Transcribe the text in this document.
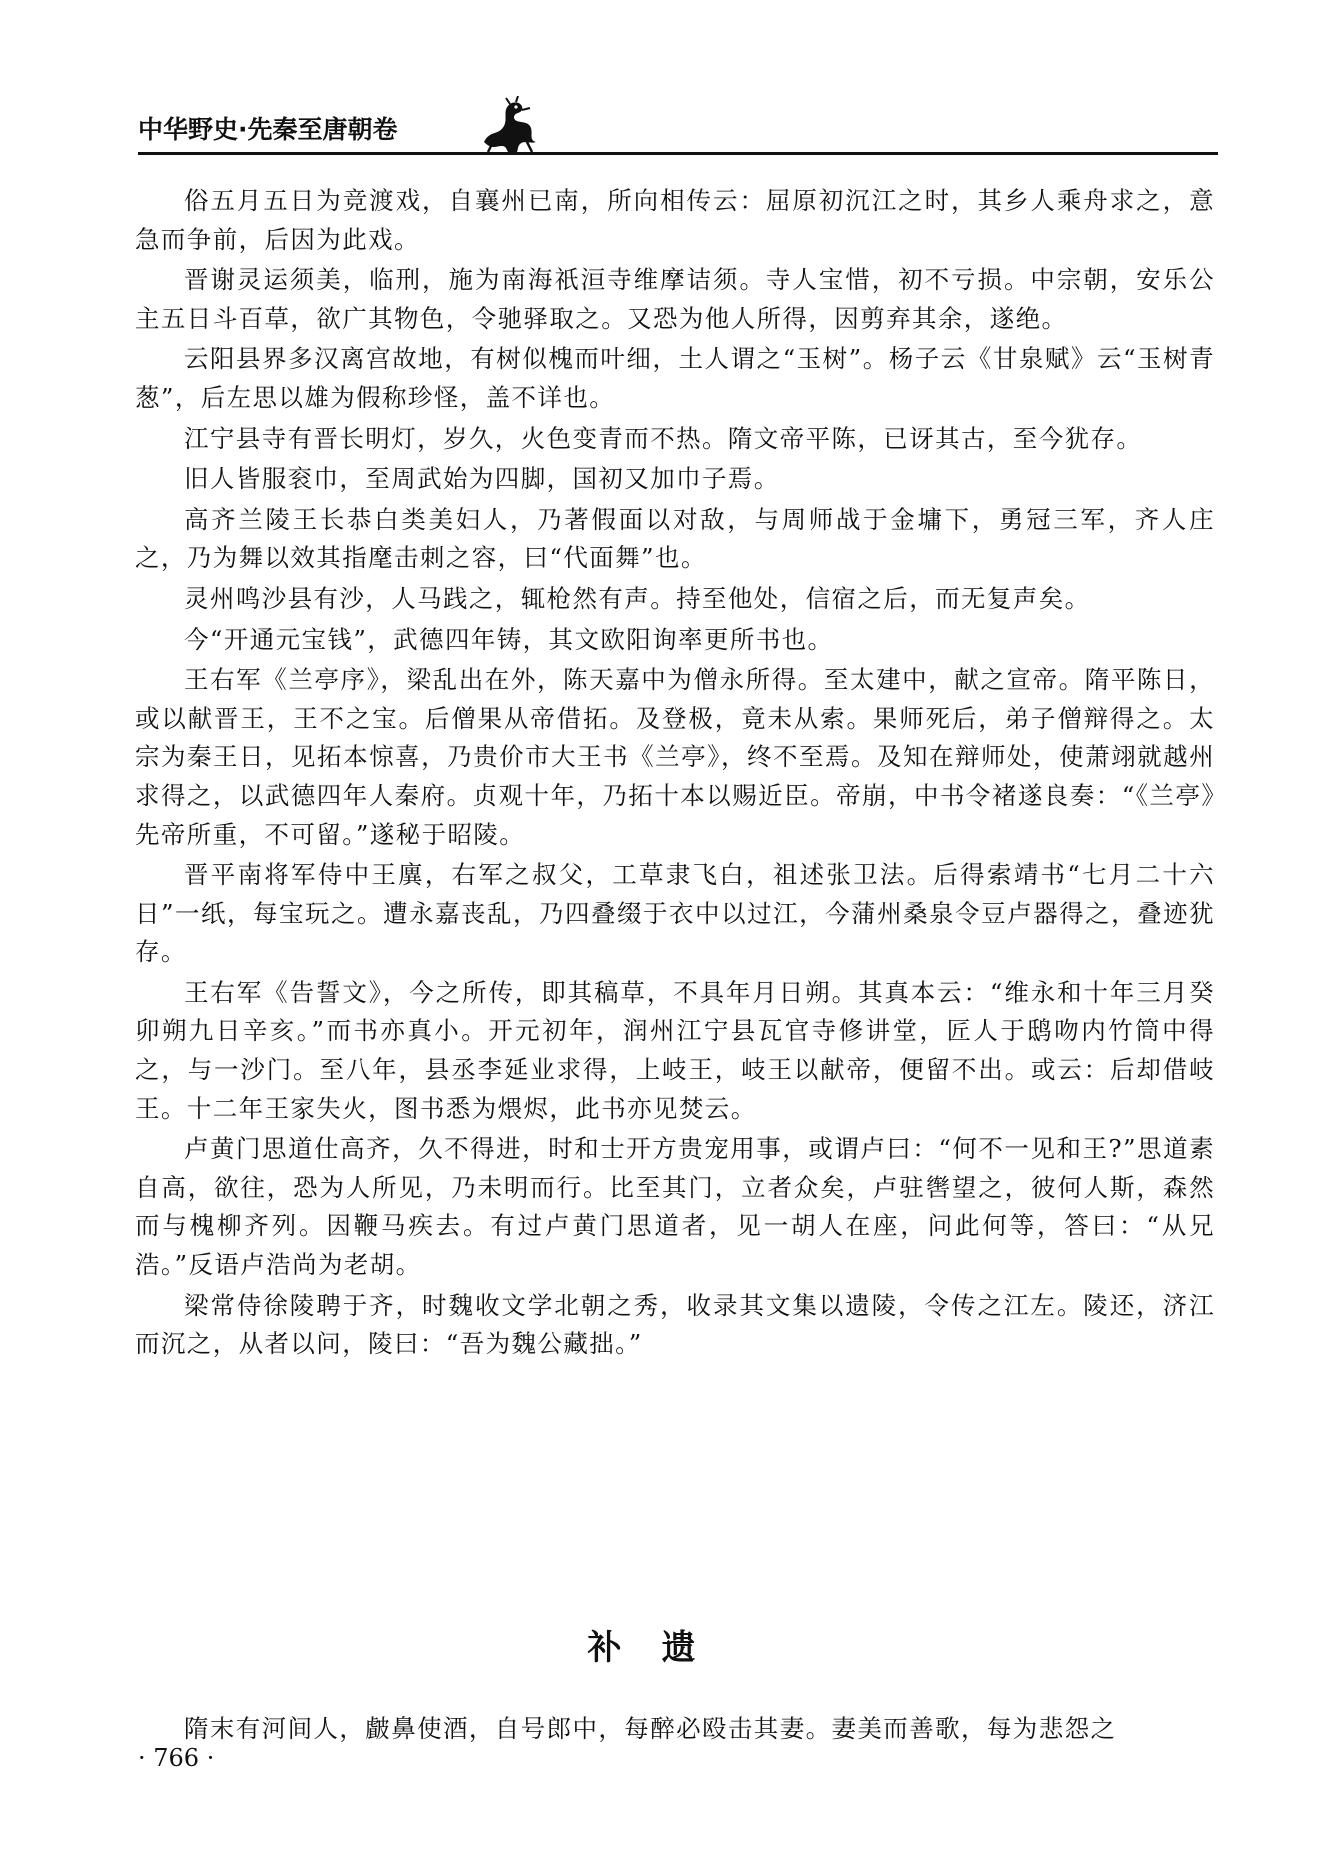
中华野史·先秦至唐朝卷

俗五月五日为竞渡戏，自襄州已南，所向相传云：屈原初沉江之时，其乡人乘舟求之，意急而争前，后因为此戏。

晋谢灵运须美，临刑，施为南海祇洹寺维摩诘须。寺人宝惜，初不亏损。中宗朝，安乐公主五日斗百草，欲广其物色，令驰驿取之。又恐为他人所得，因剪弃其余，遂绝。

云阳县界多汉离宫故地，有树似槐而叶细，土人谓之“玉树”。杨子云《甘泉赋》云“玉树青葱”，后左思以雄为假称珍怪，盖不详也。

江宁县寺有晋长明灯，岁久，火色变青而不热。隋文帝平陈，已讶其古，至今犹存。

旧人皆服衮巾，至周武始为四脚，国初又加巾子焉。

高齐兰陵王长恭白类美妇人，乃著假面以对敌，与周师战于金墉下，勇冠三军，齐人庄之，乃为舞以效其指麾击刺之容，曰“代面舞”也。

灵州鸣沙县有沙，人马践之，辄枪然有声。持至他处，信宿之后，而无复声矣。

今“开通元宝钱”，武德四年铸，其文欧阳询率更所书也。

王右军《兰亭序》，梁乱出在外，陈天嘉中为僧永所得。至太建中，献之宣帝。隋平陈日，或以献晋王，王不之宝。后僧果从帝借拓。及登极，竟未从索。果师死后，弟子僧辩得之。太宗为秦王日，见拓本惊喜，乃贵价市大王书《兰亭》，终不至焉。及知在辩师处，使萧翊就越州求得之，以武德四年人秦府。贞观十年，乃拓十本以赐近臣。帝崩，中书令褚遂良奏：“《兰亭》先帝所重，不可留。”遂秘于昭陵。

晋平南将军侍中王廙，右军之叔父，工草隶飞白，祖述张卫法。后得索靖书“七月二十六日”一纸，每宝玩之。遭永嘉丧乱，乃四叠缀于衣中以过江，今蒲州桑泉令豆卢器得之，叠迹犹存。

王右军《告誓文》，今之所传，即其稿草，不具年月日朔。其真本云：“维永和十年三月癸卯朔九日辛亥。”而书亦真小。开元初年，润州江宁县瓦官寺修讲堂，匠人于鸱吻内竹筒中得之，与一沙门。至八年，县丞李延业求得，上岐王，岐王以献帝，便留不出。或云：后却借岐王。十二年王家失火，图书悉为煨烬，此书亦见焚云。

卢黄门思道仕高齐，久不得进，时和士开方贵宠用事，或谓卢曰：“何不一见和王?”思道素自高，欲往，恐为人所见，乃未明而行。比至其门，立者众矣，卢驻辔望之，彼何人斯，森然而与槐柳齐列。因鞭马疾去。有过卢黄门思道者，见一胡人在座，问此何等，答曰：“从兄浩。”反语卢浩尚为老胡。

梁常侍徐陵聘于齐，时魏收文学北朝之秀，收录其文集以遗陵，令传之江左。陵还，济江而沉之，从者以问，陵曰：“吾为魏公藏拙。”

补遗
隋末有河间人，皻鼻使酒，自号郎中，每醉必殴击其妻。妻美而善歌，每为悲怨之
· 766 ·
